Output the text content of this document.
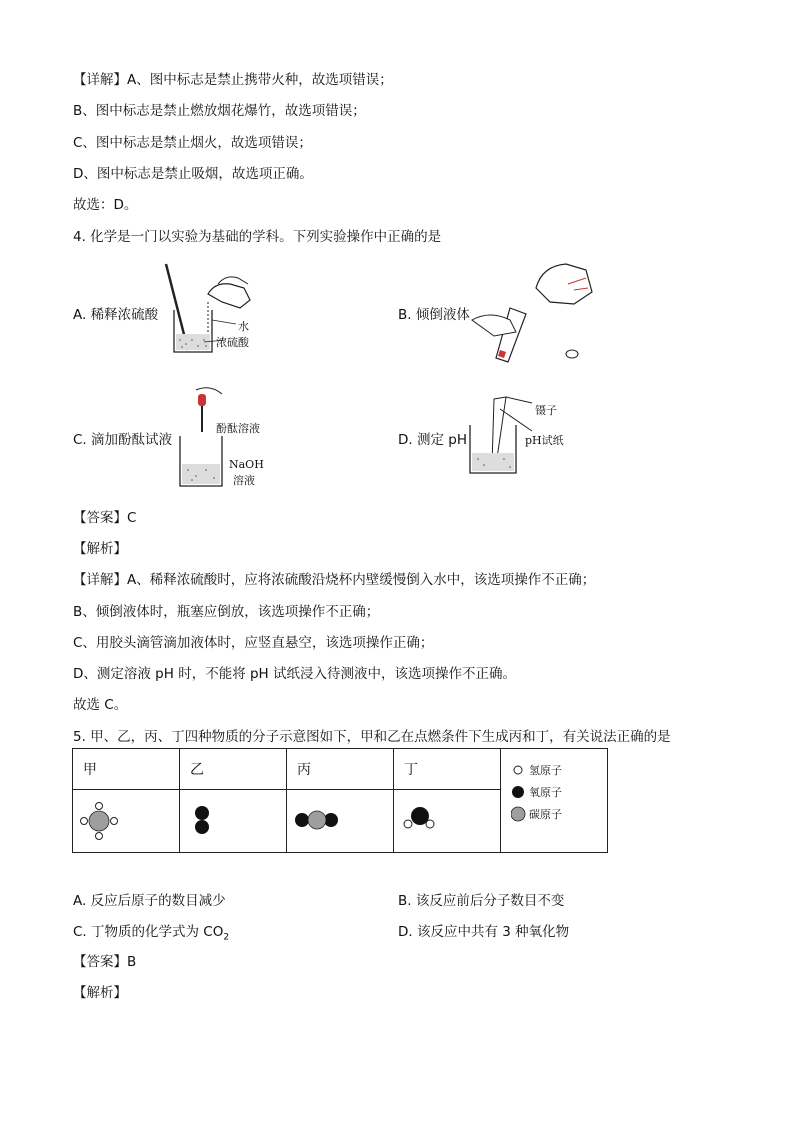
【详解】A、图中标志是禁止携带火种，故选项错误；
B、图中标志是禁止燃放烟花爆竹，故选项错误；
C、图中标志是禁止烟火，故选项错误；
D、图中标志是禁止吸烟，故选项正确。
故选：D。
4. 化学是一门以实验为基础的学科。下列实验操作中正确的是
A. 稀释浓硫酸
水
浓硫酸
B. 倾倒液体
C. 滴加酚酞试液
酚酞溶液
NaOH
溶液
D. 测定 pH
镊子
pH试纸
【答案】C
【解析】
【详解】A、稀释浓硫酸时，应将浓硫酸沿烧杯内壁缓慢倒入水中，该选项操作不正确；
B、倾倒液体时，瓶塞应倒放，该选项操作不正确；
C、用胶头滴管滴加液体时，应竖直悬空，该选项操作正确；
D、测定溶液 pH 时，不能将 pH 试纸浸入待测液中，该选项操作不正确。
故选 C。
5. 甲、乙，丙、丁四种物质的分子示意图如下，甲和乙在点燃条件下生成丙和丁，有关说法正确的是
甲	乙	丙	丁	氢原子
氧原子
碳原子

A. 反应后原子的数目减少	B. 该反应前后分子数目不变
C. 丁物质的化学式为 $CO_2$	D. 该反应中共有 3 种氧化物
【答案】B
【解析】
